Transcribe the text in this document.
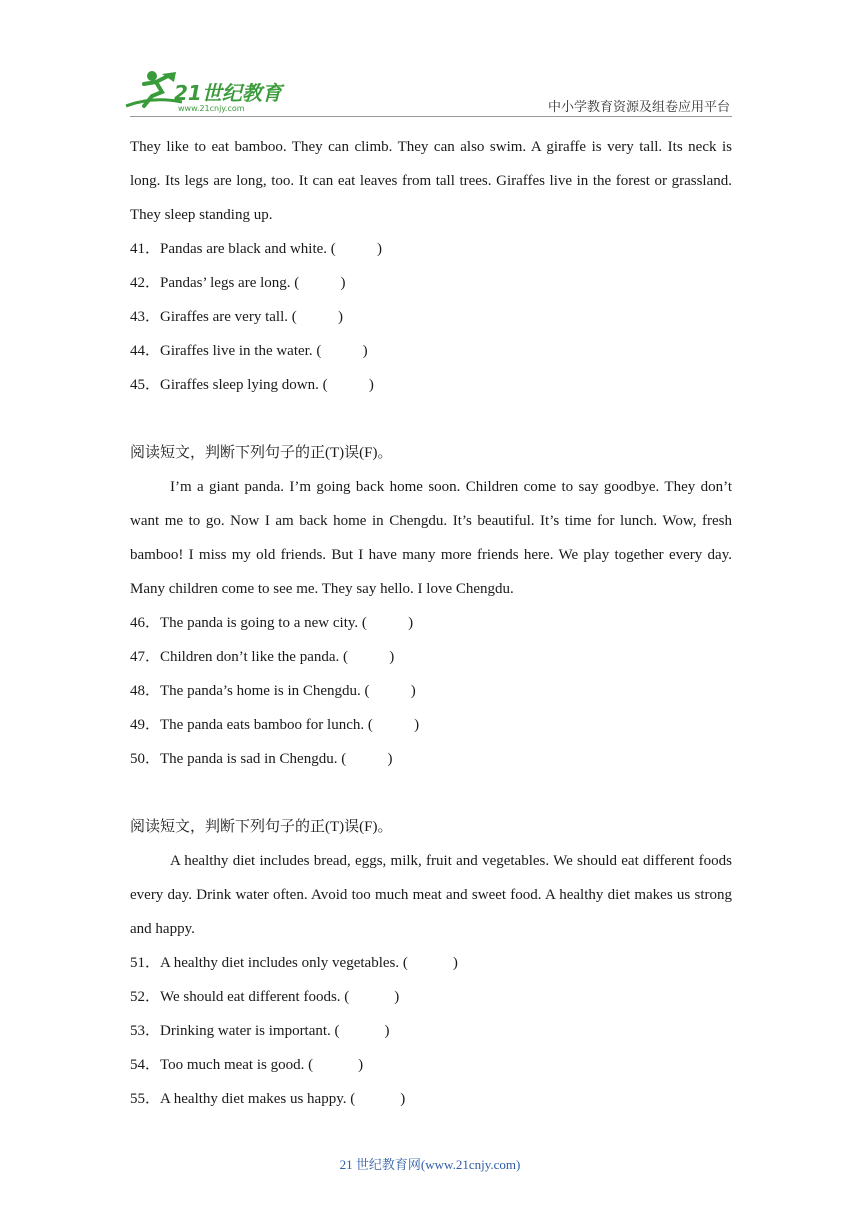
21世纪教育
www.21cnjy.com	中小学教育资源及组卷应用平台

They like to eat bamboo. They can climb. They can also swim. A giraffe is very tall. Its neck is long. Its legs are long, too. It can eat leaves from tall trees. Giraffes live in the forest or grassland. They sleep standing up.

41．Pandas are black and white. (           )

42．Pandas’ legs are long. (           )

43．Giraffes are very tall. (           )

44．Giraffes live in the water. (           )

45．Giraffes sleep lying down. (           )

阅读短文，判断下列句子的正(T)误(F)。

I’m a giant panda. I’m going back home soon. Children come to say goodbye. They don’t want me to go. Now I am back home in Chengdu. It’s beautiful. It’s time for lunch. Wow, fresh bamboo! I miss my old friends. But I have many more friends here. We play together every day. Many children come to see me. They say hello. I love Chengdu.

46．The panda is going to a new city. (           )

47．Children don’t like the panda. (           )

48．The panda’s home is in Chengdu. (           )

49．The panda eats bamboo for lunch. (           )

50．The panda is sad in Chengdu. (           )

阅读短文，判断下列句子的正(T)误(F)。

A healthy diet includes bread, eggs, milk, fruit and vegetables. We should eat different foods every day. Drink water often. Avoid too much meat and sweet food. A healthy diet makes us strong and happy.

51．A healthy diet includes only vegetables. (            )

52．We should eat different foods. (            )

53．Drinking water is important. (            )

54．Too much meat is good. (            )

55．A healthy diet makes us happy. (            )

21 世纪教育网(www.21cnjy.com)
